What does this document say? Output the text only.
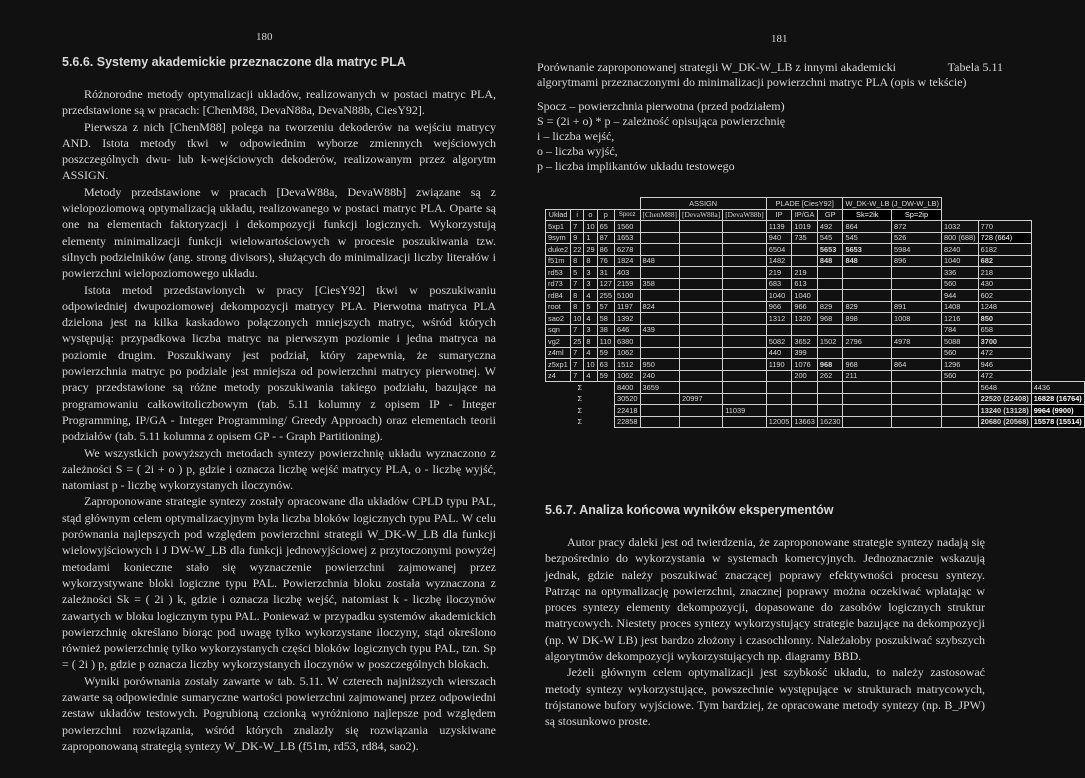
180	181
5.6.6. Systemy akademickie przeznaczone dla matryc PLA

Różnorodne metody optymalizacji układów, realizowanych w postaci matryc PLA, przedstawione są w pracach: [ChenM88, DevaN88a, DevaN88b, CiesY92].

Pierwsza z nich [ChenM88] polega na tworzeniu dekoderów na wejściu matrycy AND. Istota metody tkwi w odpowiednim wyborze zmiennych wejściowych poszczególnych dwu- lub k-wejściowych dekoderów, realizowanym przez algorytm ASSIGN.

Metody przedstawione w pracach [DevaW88a, DevaW88b] związane są z wielopoziomową optymalizacją układu, realizowanego w postaci matryc PLA. Oparte są one na elementach faktoryzacji i dekompozycji funkcji logicznych. Wykorzystują elementy minimalizacji funkcji wielowartościowych w procesie poszukiwania tzw. silnych podzielników (ang. strong divisors), służących do minimalizacji liczby literałów i powierzchni wielopoziomowego układu.

Istota metod przedstawionych w pracy [CiesY92] tkwi w poszukiwaniu odpowiedniej dwupoziomowej dekompozycji matrycy PLA. Pierwotna matryca PLA dzielona jest na kilka kaskadowo połączonych mniejszych matryc, wśród których występują: przypadkowa liczba matryc na pierwszym poziomie i jedna matryca na poziomie drugim. Poszukiwany jest podział, który zapewnia, że sumaryczna powierzchnia matryc po podziale jest mniejsza od powierzchni matrycy pierwotnej. W pracy przedstawione są różne metody poszukiwania takiego podziału, bazujące na programowaniu całkowitoliczbowym (tab. 5.11 kolumny z opisem IP - Integer Programming, IP/GA - Integer Programming/ Greedy Approach) oraz elementach teorii podziałów (tab. 5.11 kolumna z opisem GP - - Graph Partitioning).

We wszystkich powyższych metodach syntezy powierzchnię układu wyznaczono z zależności S = ( 2i + o ) p, gdzie i oznacza liczbę wejść matrycy PLA, o - liczbę wyjść, natomiast p - liczbę wykorzystanych iloczynów.

Zaproponowane strategie syntezy zostały opracowane dla układów CPLD typu PAL, stąd głównym celem optymalizacyjnym była liczba bloków logicznych typu PAL. W celu porównania najlepszych pod względem powierzchni strategii W_DK-W_LB dla funkcji wielowyjściowych i J DW-W_LB dla funkcji jednowyjściowej z przytoczonymi powyżej metodami konieczne stało się wyznaczenie powierzchni zajmowanej przez wykorzystywane bloki logiczne typu PAL. Powierzchnia bloku została wyznaczona z zależności Sk = ( 2i ) k, gdzie i oznacza liczbę wejść, natomiast k - liczbę iloczynów zawartych w bloku logicznym typu PAL. Ponieważ w przypadku systemów akademickich powierzchnię określano biorąc pod uwagę tylko wykorzystane iloczyny, stąd określono również powierzchnię tylko wykorzystanych części bloków logicznych typu PAL, tzn. Sp = ( 2i ) p, gdzie p oznacza liczby wykorzystanych iloczynów w poszczególnych blokach.

Wyniki porównania zostały zawarte w tab. 5.11. W czterech najniższych wierszach zawarte są odpowiednie sumaryczne wartości powierzchni zajmowanej przez odpowiedni zestaw układów testowych. Pogrubioną czcionką wyróżniono najlepsze pod względem powierzchni rozwiązania, wśród których znalazły się rozwiązania uzyskiwane zaproponowaną strategią syntezy W_DK-W_LB (f51m, rd53, rd84, sao2).

Tabela 5.11
Porównanie zaproponowanej strategii W_DK-W_LB z innymi akademicki algorytmami przeznaczonymi do minimalizacji powierzchni matryc PLA (opis w tekście)
Spocz – powierzchnia pierwotna (przed podziałem)
S = (2i + o) * p – zależność opisująca powierzchnię
i – liczba wejść,
o – liczba wyjść,
p – liczba implikantów układu testowego
					ASSIGN			PLADE [CiesY92]			W_DK-W_LB (J_DW-W_LB)				
Układ	i	o	p	Spocz	[ChenM88]	[DevaW88a]	[DevaW88b]	IP	IP/GA	GP	Sk=2ik	Sp=2ip			
5xp1	7	10	65	1560				1139	1019	492	864	872	1032	770	
9sym	9	1	87	1653				940	735	545	545	526	800 (688)	728 (664)	
duke2	22	29	86	6278				6504		5653	5653	5984	8240	6182	
f51m	8	8	76	1824	848			1482		848	848	896	1040	682	
rd53	5	3	31	403				219	219				336	218	
rd73	7	3	127	2159	358			683	613				560	430	
rd84	8	4	255	5100				1040	1040				944	602	
root	8	5	57	1197	824			966	966	829	829	891	1408	1248	
sao2	10	4	58	1392				1312	1320	968	898	1008	1216	850	
sqn	7	3	38	646	439								784	658	
vg2	25	8	110	6380				5082	3652	1502	2796	4978	5088	3700	
z4ml	7	4	59	1062				440	399				560	472	
z5xp1	7	10	63	1512	950			1190	1076	968	968	864	1296	946	
z4	7	4	59	1062	240				200	262	211		560	472	
Σ				8400	3659									5648	4436
Σ				30520		20997								22520 (22408)	16828 (16764)
Σ				22418			11039							13240 (13128)	9964 (9900)
Σ				22858				12005	13663	16230				20680 (20568)	15578 (15514)
5.6.7. Analiza końcowa wyników eksperymentów

Autor pracy daleki jest od twierdzenia, że zaproponowane strategie syntezy nadają się bezpośrednio do wykorzystania w systemach komercyjnych. Jednoznacznie wskazują jednak, gdzie należy poszukiwać znaczącej poprawy efektywności procesu syntezy. Patrząc na optymalizację powierzchni, znacznej poprawy można oczekiwać wpłatając w proces syntezy elementy dekompozycji, dopasowane do zasobów logicznych struktur matrycowych. Niestety proces syntezy wykorzystujący strategie bazujące na dekompozycji (np. W DK-W LB) jest bardzo złożony i czasochłonny. Należałoby poszukiwać szybszych algorytmów dekompozycji wykorzystujących np. diagramy BBD.

Jeżeli głównym celem optymalizacji jest szybkość układu, to należy zastosować metody syntezy wykorzystujące, powszechnie występujące w strukturach matrycowych, trójstanowe bufory wyjściowe. Tym bardziej, że opracowane metody syntezy (np. B_JPW) są stosunkowo proste.
